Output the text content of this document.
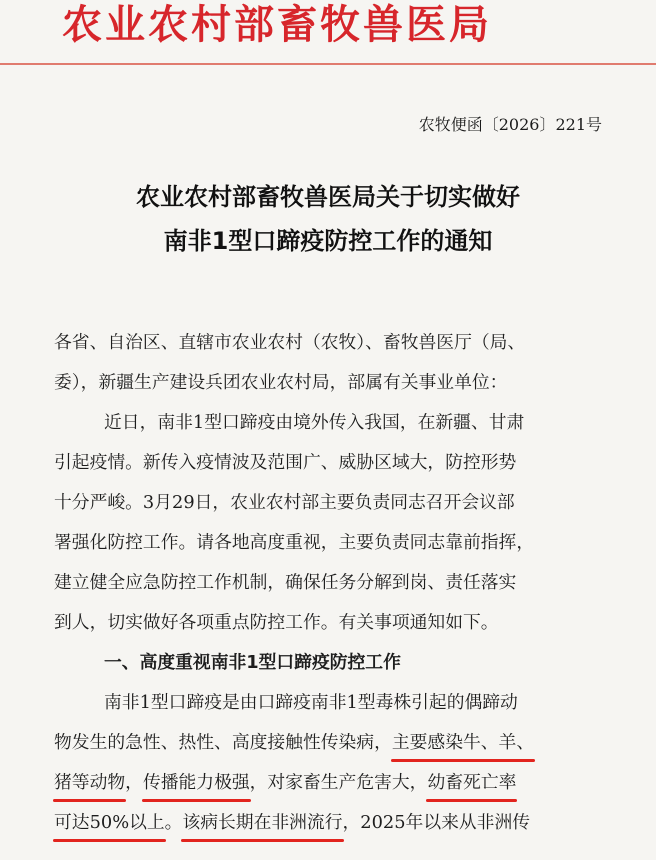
农业农村部畜牧兽医局
农牧便函〔2026〕221号
农业农村部畜牧兽医局关于切实做好
南非1型口蹄疫防控工作的通知
各省、自治区、直辖市农业农村（农牧）、畜牧兽医厅（局、
委），新疆生产建设兵团农业农村局，部属有关事业单位：
近日，南非1型口蹄疫由境外传入我国，在新疆、甘肃
引起疫情。新传入疫情波及范围广、威胁区域大，防控形势
十分严峻。3月29日，农业农村部主要负责同志召开会议部
署强化防控工作。请各地高度重视，主要负责同志靠前指挥，
建立健全应急防控工作机制，确保任务分解到岗、责任落实
到人，切实做好各项重点防控工作。有关事项通知如下。
一、高度重视南非1型口蹄疫防控工作
南非1型口蹄疫是由口蹄疫南非1型毒株引起的偶蹄动
物发生的急性、热性、高度接触性传染病，主要感染牛、羊、
猪等动物，传播能力极强，对家畜生产危害大，幼畜死亡率
可达50%以上。该病长期在非洲流行，2025年以来从非洲传
